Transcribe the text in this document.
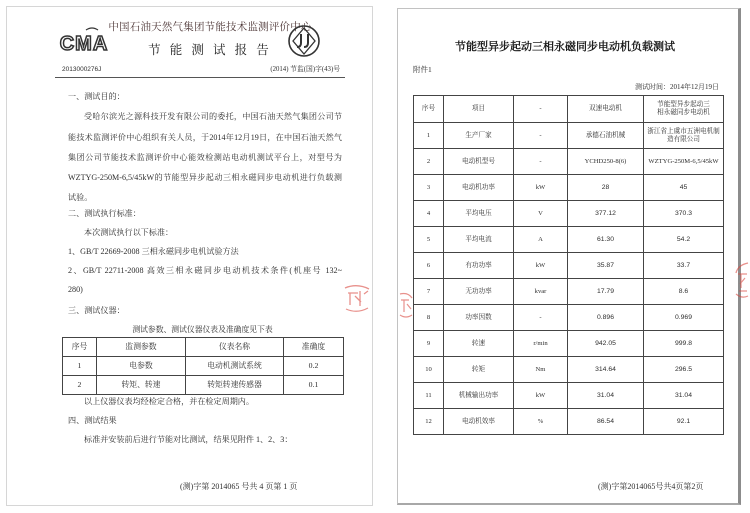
CMA
中国石油天然气集团节能技术监测评价中心
节 能 测 试 报 告
2013000276J	(2014) 节监(国)字(43)号
一、测试目的：
受哈尔滨光之源科技开发有限公司的委托，中国石油天然气集团公司节
能技术监测评价中心组织有关人员，于2014年12月19日，在中国石油天然气
集团公司节能技术监测评价中心能效检测站电动机测试平台上，对型号为
WZTYG-250M-6,5/45kW的节能型异步起动三相永磁同步电动机进行负载测
试验。
二、测试执行标准：
本次测试执行以下标准：
1、GB/T 22669-2008 三相永磁同步电机试验方法
2、GB/T 22711-2008 高效三相永磁同步电动机技术条件(机座号 132~
280)
三、测试仪器：
测试参数、测试仪器仪表及准确度见下表
序号	监测参数	仪表名称	准确度
1	电参数	电动机测试系统	0.2
2	转矩、转速	转矩转速传感器	0.1
以上仪器仪表均经检定合格，并在检定周期内。
四、测试结果
标准并安装前后进行节能对比测试，结果见附件 1、2、3：
(测)字第 2014065 号共 4 页第 1 页
节能型异步起动三相永磁同步电动机负载测试
附件1
测试时间：2014年12月19日
序号	项目	-	双速电动机	节能型异步起动三相永磁同步电动机
1	生产厂家	-	承德石油机械	浙江省上虞市五洲电机制造有限公司
2	电动机型号	-	YCHD250-8(6)	WZTYG-250M-6,5/45kW
3	电动机功率	kW	28	45
4	平均电压	V	377.12	370.3
5	平均电流	A	61.30	54.2
6	有功功率	kW	35.87	33.7
7	无功功率	kvar	17.79	8.6
8	功率因数	-	0.896	0.969
9	转速	r/min	942.05	999.8
10	转矩	Nm	314.64	296.5
11	机械输出功率	kW	31.04	31.04
12	电动机效率	%	86.54	92.1
(测)字第2014065号共4页第2页
